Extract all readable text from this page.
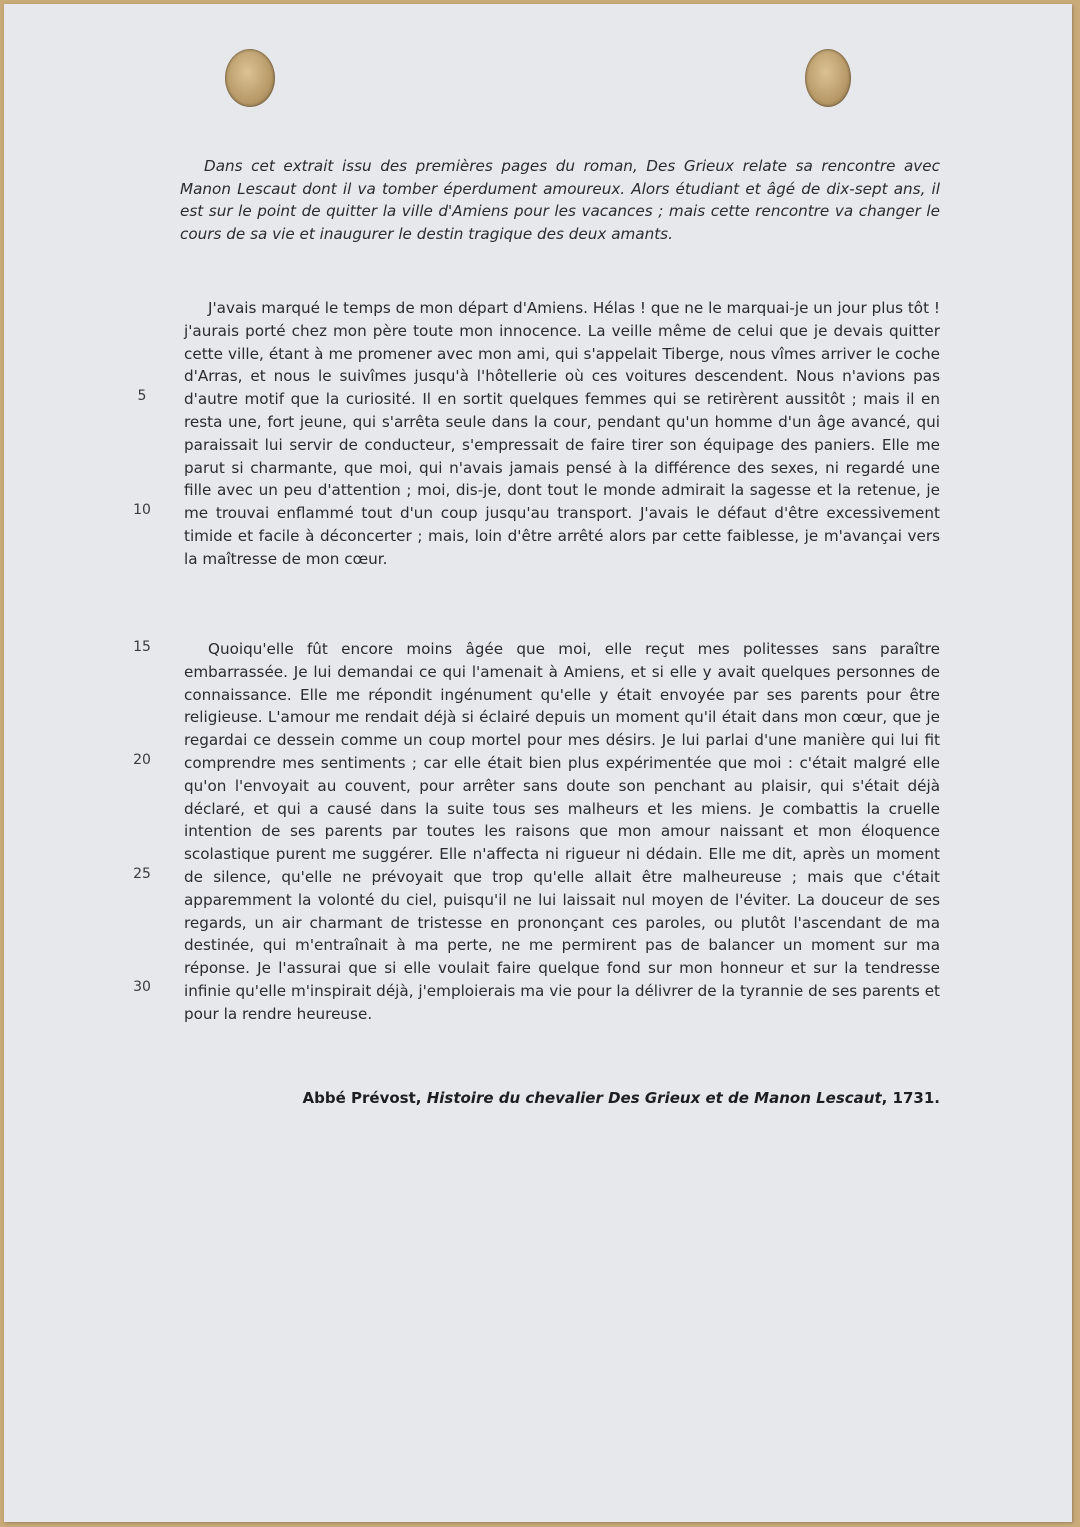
Dans cet extrait issu des premières pages du roman, Des Grieux relate sa rencontre avec Manon Lescaut dont il va tomber éperdument amoureux. Alors étudiant et âgé de dix-sept ans, il est sur le point de quitter la ville d'Amiens pour les vacances ; mais cette rencontre va changer le cours de sa vie et inaugurer le destin tragique des deux amants.

J'avais marqué le temps de mon départ d'Amiens. Hélas ! que ne le marquai-je un jour plus tôt ! j'aurais porté chez mon père toute mon innocence. La veille même de celui que je devais quitter cette ville, étant à me promener avec mon ami, qui s'appelait Tiberge, nous vîmes arriver le coche d'Arras, et nous le suivîmes jusqu'à l'hôtellerie où ces voitures descendent. Nous n'avions pas d'autre motif que la curiosité. Il en sortit quelques femmes qui se retirèrent aussitôt ; mais il en resta une, fort jeune, qui s'arrêta seule dans la cour, pendant qu'un homme d'un âge avancé, qui paraissait lui servir de conducteur, s'empressait de faire tirer son équipage des paniers. Elle me parut si charmante, que moi, qui n'avais jamais pensé à la différence des sexes, ni regardé une fille avec un peu d'attention ; moi, dis-je, dont tout le monde admirait la sagesse et la retenue, je me trouvai enflammé tout d'un coup jusqu'au transport. J'avais le défaut d'être excessivement timide et facile à déconcerter ; mais, loin d'être arrêté alors par cette faiblesse, je m'avançai vers la maîtresse de mon cœur.

Quoiqu'elle fût encore moins âgée que moi, elle reçut mes politesses sans paraître embarrassée. Je lui demandai ce qui l'amenait à Amiens, et si elle y avait quelques personnes de connaissance. Elle me répondit ingénument qu'elle y était envoyée par ses parents pour être religieuse. L'amour me rendait déjà si éclairé depuis un moment qu'il était dans mon cœur, que je regardai ce dessein comme un coup mortel pour mes désirs. Je lui parlai d'une manière qui lui fit comprendre mes sentiments ; car elle était bien plus expérimentée que moi : c'était malgré elle qu'on l'envoyait au couvent, pour arrêter sans doute son penchant au plaisir, qui s'était déjà déclaré, et qui a causé dans la suite tous ses malheurs et les miens. Je combattis la cruelle intention de ses parents par toutes les raisons que mon amour naissant et mon éloquence scolastique purent me suggérer. Elle n'affecta ni rigueur ni dédain. Elle me dit, après un moment de silence, qu'elle ne prévoyait que trop qu'elle allait être malheureuse ; mais que c'était apparemment la volonté du ciel, puisqu'il ne lui laissait nul moyen de l'éviter. La douceur de ses regards, un air charmant de tristesse en prononçant ces paroles, ou plutôt l'ascendant de ma destinée, qui m'entraînait à ma perte, ne me permirent pas de balancer un moment sur ma réponse. Je l'assurai que si elle voulait faire quelque fond sur mon honneur et sur la tendresse infinie qu'elle m'inspirait déjà, j'emploierais ma vie pour la délivrer de la tyrannie de ses parents et pour la rendre heureuse.

5

10

15

20

25

30

Abbé Prévost, Histoire du chevalier Des Grieux et de Manon Lescaut, 1731.
